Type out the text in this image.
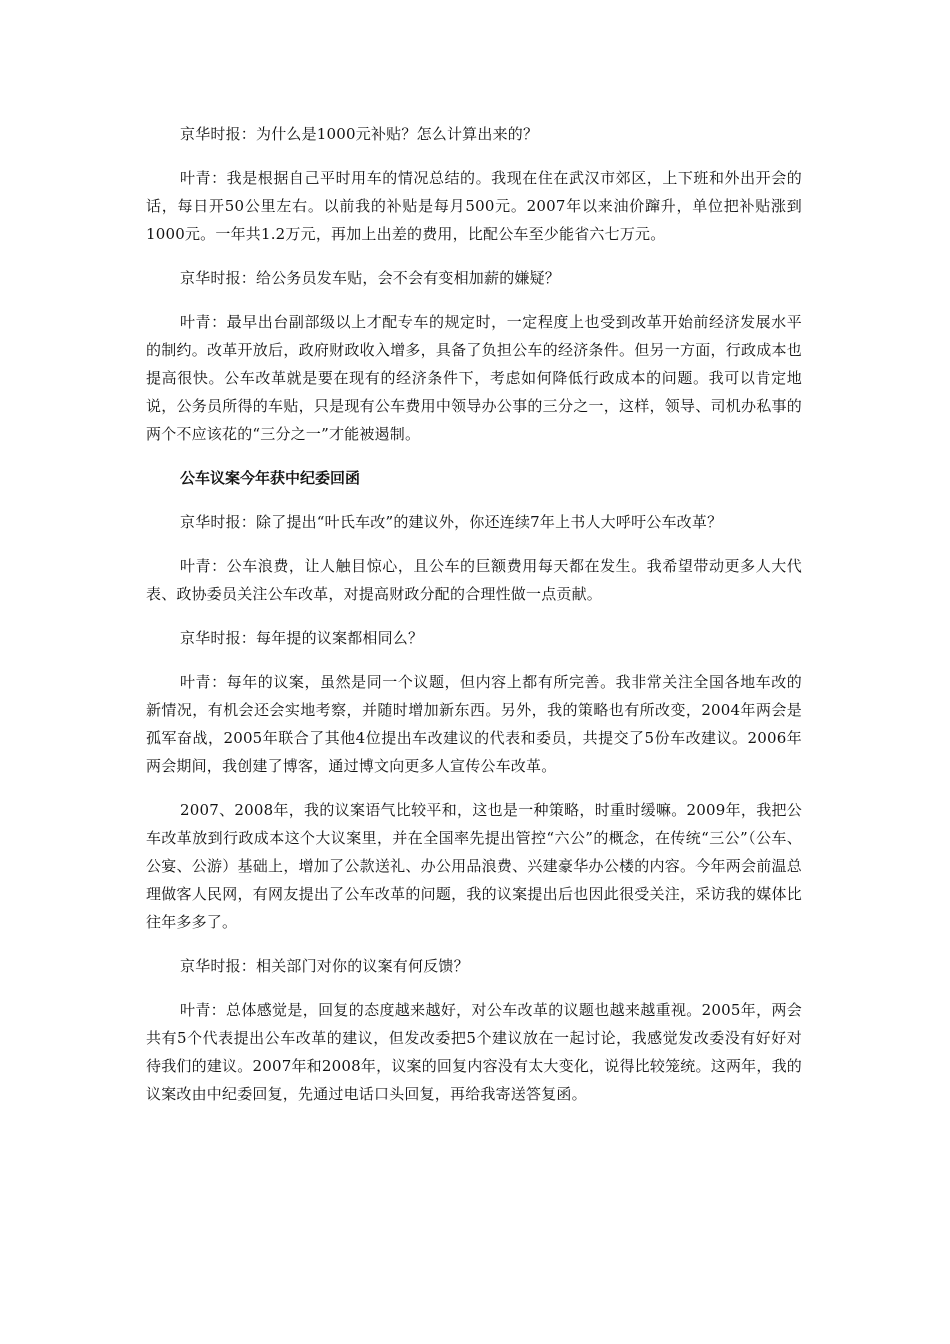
京华时报：为什么是1000元补贴？怎么计算出来的？

叶青：我是根据自己平时用车的情况总结的。我现在住在武汉市郊区，上下班和外出开会的话，每日开50公里左右。以前我的补贴是每月500元。2007年以来油价蹿升，单位把补贴涨到1000元。一年共1.2万元，再加上出差的费用，比配公车至少能省六七万元。

京华时报：给公务员发车贴，会不会有变相加薪的嫌疑？

叶青：最早出台副部级以上才配专车的规定时，一定程度上也受到改革开始前经济发展水平的制约。改革开放后，政府财政收入增多，具备了负担公车的经济条件。但另一方面，行政成本也提高很快。公车改革就是要在现有的经济条件下，考虑如何降低行政成本的问题。我可以肯定地说，公务员所得的车贴，只是现有公车费用中领导办公事的三分之一，这样，领导、司机办私事的两个不应该花的“三分之一”才能被遏制。

公车议案今年获中纪委回函

京华时报：除了提出“叶氏车改”的建议外，你还连续7年上书人大呼吁公车改革？

叶青：公车浪费，让人触目惊心，且公车的巨额费用每天都在发生。我希望带动更多人大代表、政协委员关注公车改革，对提高财政分配的合理性做一点贡献。

京华时报：每年提的议案都相同么？

叶青：每年的议案，虽然是同一个议题，但内容上都有所完善。我非常关注全国各地车改的新情况，有机会还会实地考察，并随时增加新东西。另外，我的策略也有所改变，2004年两会是孤军奋战，2005年联合了其他4位提出车改建议的代表和委员，共提交了5份车改建议。2006年两会期间，我创建了博客，通过博文向更多人宣传公车改革。

2007、2008年，我的议案语气比较平和，这也是一种策略，时重时缓嘛。2009年，我把公车改革放到行政成本这个大议案里，并在全国率先提出管控“六公”的概念，在传统“三公”（公车、公宴、公游）基础上，增加了公款送礼、办公用品浪费、兴建豪华办公楼的内容。今年两会前温总理做客人民网，有网友提出了公车改革的问题，我的议案提出后也因此很受关注，采访我的媒体比往年多多了。

京华时报：相关部门对你的议案有何反馈？

叶青：总体感觉是，回复的态度越来越好，对公车改革的议题也越来越重视。2005年，两会共有5个代表提出公车改革的建议，但发改委把5个建议放在一起讨论，我感觉发改委没有好好对待我们的建议。2007年和2008年，议案的回复内容没有太大变化，说得比较笼统。这两年，我的议案改由中纪委回复，先通过电话口头回复，再给我寄送答复函。
